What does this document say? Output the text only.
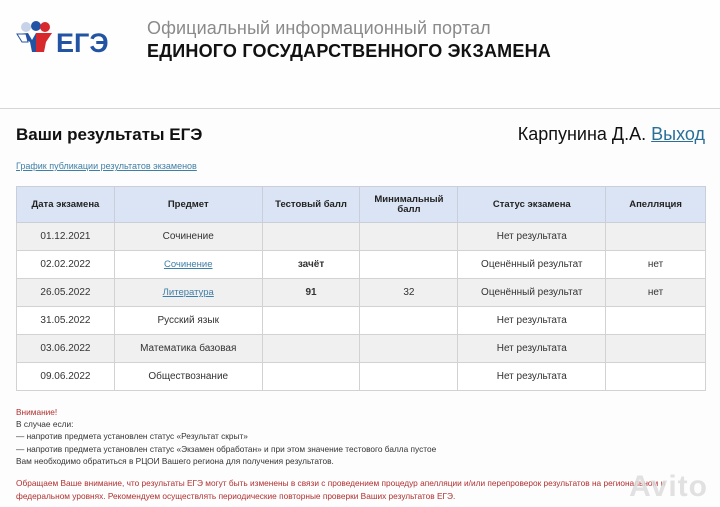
ЕГЭ Официальный информационный портал
ЕДИНОГО ГОСУДАРСТВЕННОГО ЭКЗАМЕНА
Ваши результаты ЕГЭ	Карпунина Д.А. Выход
График публикации результатов экзаменов
Дата экзамена	Предмет	Тестовый балл	Минимальный балл	Статус экзамена	Апелляция
01.12.2021	Сочинение			Нет результата	
02.02.2022	Сочинение	зачёт		Оценённый результат	нет
26.05.2022	Литература	91	32	Оценённый результат	нет
31.05.2022	Русский язык			Нет результата	
03.06.2022	Математика базовая			Нет результата	
09.06.2022	Обществознание			Нет результата	
Внимание!
В случае если:
— напротив предмета установлен статус «Результат скрыт»
— напротив предмета установлен статус «Экзамен обработан» и при этом значение тестового балла пустое
Вам необходимо обратиться в РЦОИ Вашего региона для получения результатов.
Обращаем Ваше внимание, что результаты ЕГЭ могут быть изменены в связи с проведением процедур апелляции и/или перепроверок результатов на региональном и федеральном уровнях. Рекомендуем осуществлять периодические повторные проверки Ваших результатов ЕГЭ.	Avito
